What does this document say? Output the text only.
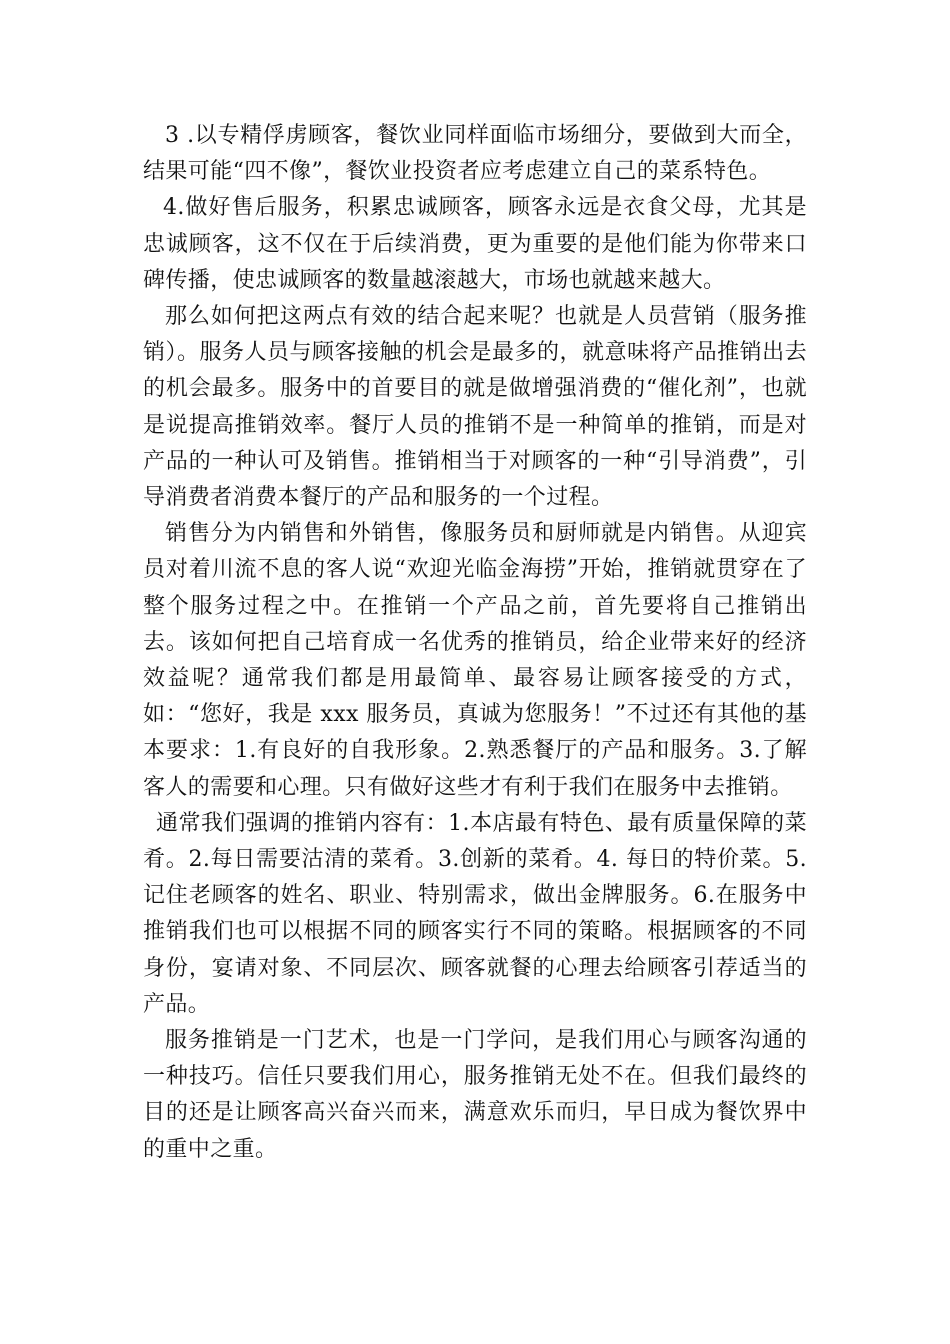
3 .以专精俘虏顾客，餐饮业同样面临市场细分，要做到大而全，结果可能“四不像”，餐饮业投资者应考虑建立自己的菜系特色。

4.做好售后服务，积累忠诚顾客，顾客永远是衣食父母，尤其是忠诚顾客，这不仅在于后续消费，更为重要的是他们能为你带来口碑传播，使忠诚顾客的数量越滚越大，市场也就越来越大。

那么如何把这两点有效的结合起来呢？也就是人员营销（服务推销）。服务人员与顾客接触的机会是最多的，就意味将产品推销出去的机会最多。服务中的首要目的就是做增强消费的“催化剂”，也就是说提高推销效率。餐厅人员的推销不是一种简单的推销，而是对产品的一种认可及销售。推销相当于对顾客的一种“引导消费”，引导消费者消费本餐厅的产品和服务的一个过程。

销售分为内销售和外销售，像服务员和厨师就是内销售。从迎宾员对着川流不息的客人说“欢迎光临金海捞”开始，推销就贯穿在了整个服务过程之中。在推销一个产品之前，首先要将自己推销出去。该如何把自己培育成一名优秀的推销员，给企业带来好的经济效益呢？通常我们都是用最简单、最容易让顾客接受的方式，如：“您好，我是 xxx 服务员，真诚为您服务！”不过还有其他的基本要求：1.有良好的自我形象。2.熟悉餐厅的产品和服务。3.了解客人的需要和心理。只有做好这些才有利于我们在服务中去推销。

通常我们强调的推销内容有：1.本店最有特色、最有质量保障的菜肴。2.每日需要沽清的菜肴。3.创新的菜肴。4. 每日的特价菜。5.记住老顾客的姓名、职业、特别需求，做出金牌服务。6.在服务中推销我们也可以根据不同的顾客实行不同的策略。根据顾客的不同身份，宴请对象、不同层次、顾客就餐的心理去给顾客引荐适当的产品。

服务推销是一门艺术，也是一门学问，是我们用心与顾客沟通的一种技巧。信任只要我们用心，服务推销无处不在。但我们最终的目的还是让顾客高兴奋兴而来，满意欢乐而归，早日成为餐饮界中的重中之重。
